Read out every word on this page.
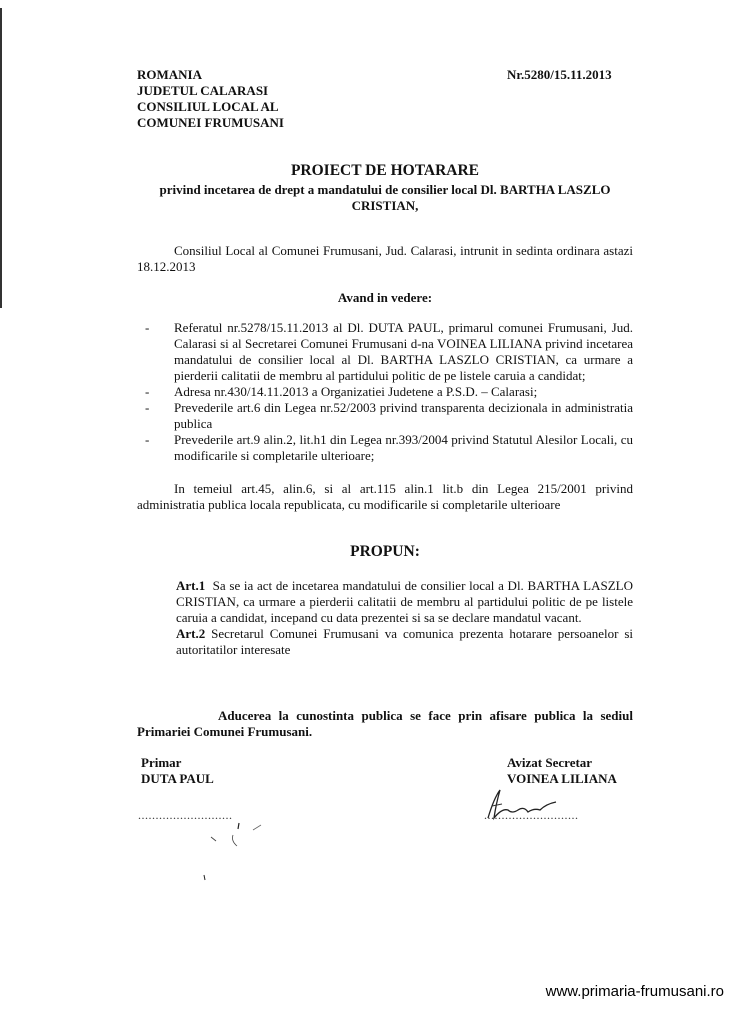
ROMANIA
JUDETUL CALARASI
CONSILIUL LOCAL AL
COMUNEI FRUMUSANI
Nr.5280/15.11.2013
PROIECT DE HOTARARE
privind incetarea de drept a mandatului de consilier local Dl. BARTHA LASZLO CRISTIAN,
Consiliul Local al Comunei Frumusani, Jud. Calarasi, intrunit in sedinta ordinara astazi 18.12.2013
Avand in vedere:
- Referatul nr.5278/15.11.2013 al Dl. DUTA PAUL, primarul comunei Frumusani, Jud. Calarasi si al Secretarei Comunei Frumusani d-na VOINEA LILIANA privind incetarea mandatului de consilier local al Dl. BARTHA LASZLO CRISTIAN, ca urmare a pierderii calitatii de membru al partidului politic de pe listele caruia a candidat;
- Adresa nr.430/14.11.2013 a Organizatiei Judetene a P.S.D. – Calarasi;
- Prevederile art.6 din Legea nr.52/2003 privind transparenta decizionala in administratia publica
- Prevederile art.9 alin.2, lit.h1 din Legea nr.393/2004 privind Statutul Alesilor Locali, cu modificarile si completarile ulterioare;
In temeiul art.45, alin.6, si al art.115 alin.1 lit.b din Legea 215/2001 privind administratia publica locala republicata, cu modificarile si completarile ulterioare
PROPUN:
Art.1 Sa se ia act de incetarea mandatului de consilier local a Dl. BARTHA LASZLO CRISTIAN, ca urmare a pierderii calitatii de membru al partidului politic de pe listele caruia a candidat, incepand cu data prezentei si sa se declare mandatul vacant.
Art.2 Secretarul Comunei Frumusani va comunica prezenta hotarare persoanelor si autoritatilor interesate
Aducerea la cunostinta publica se face prin afisare publica la sediul Primariei Comunei Frumusani.
Primar
DUTA PAUL
...........................
Avizat Secretar
VOINEA LILIANA
...........................
www.primaria-frumusani.ro
